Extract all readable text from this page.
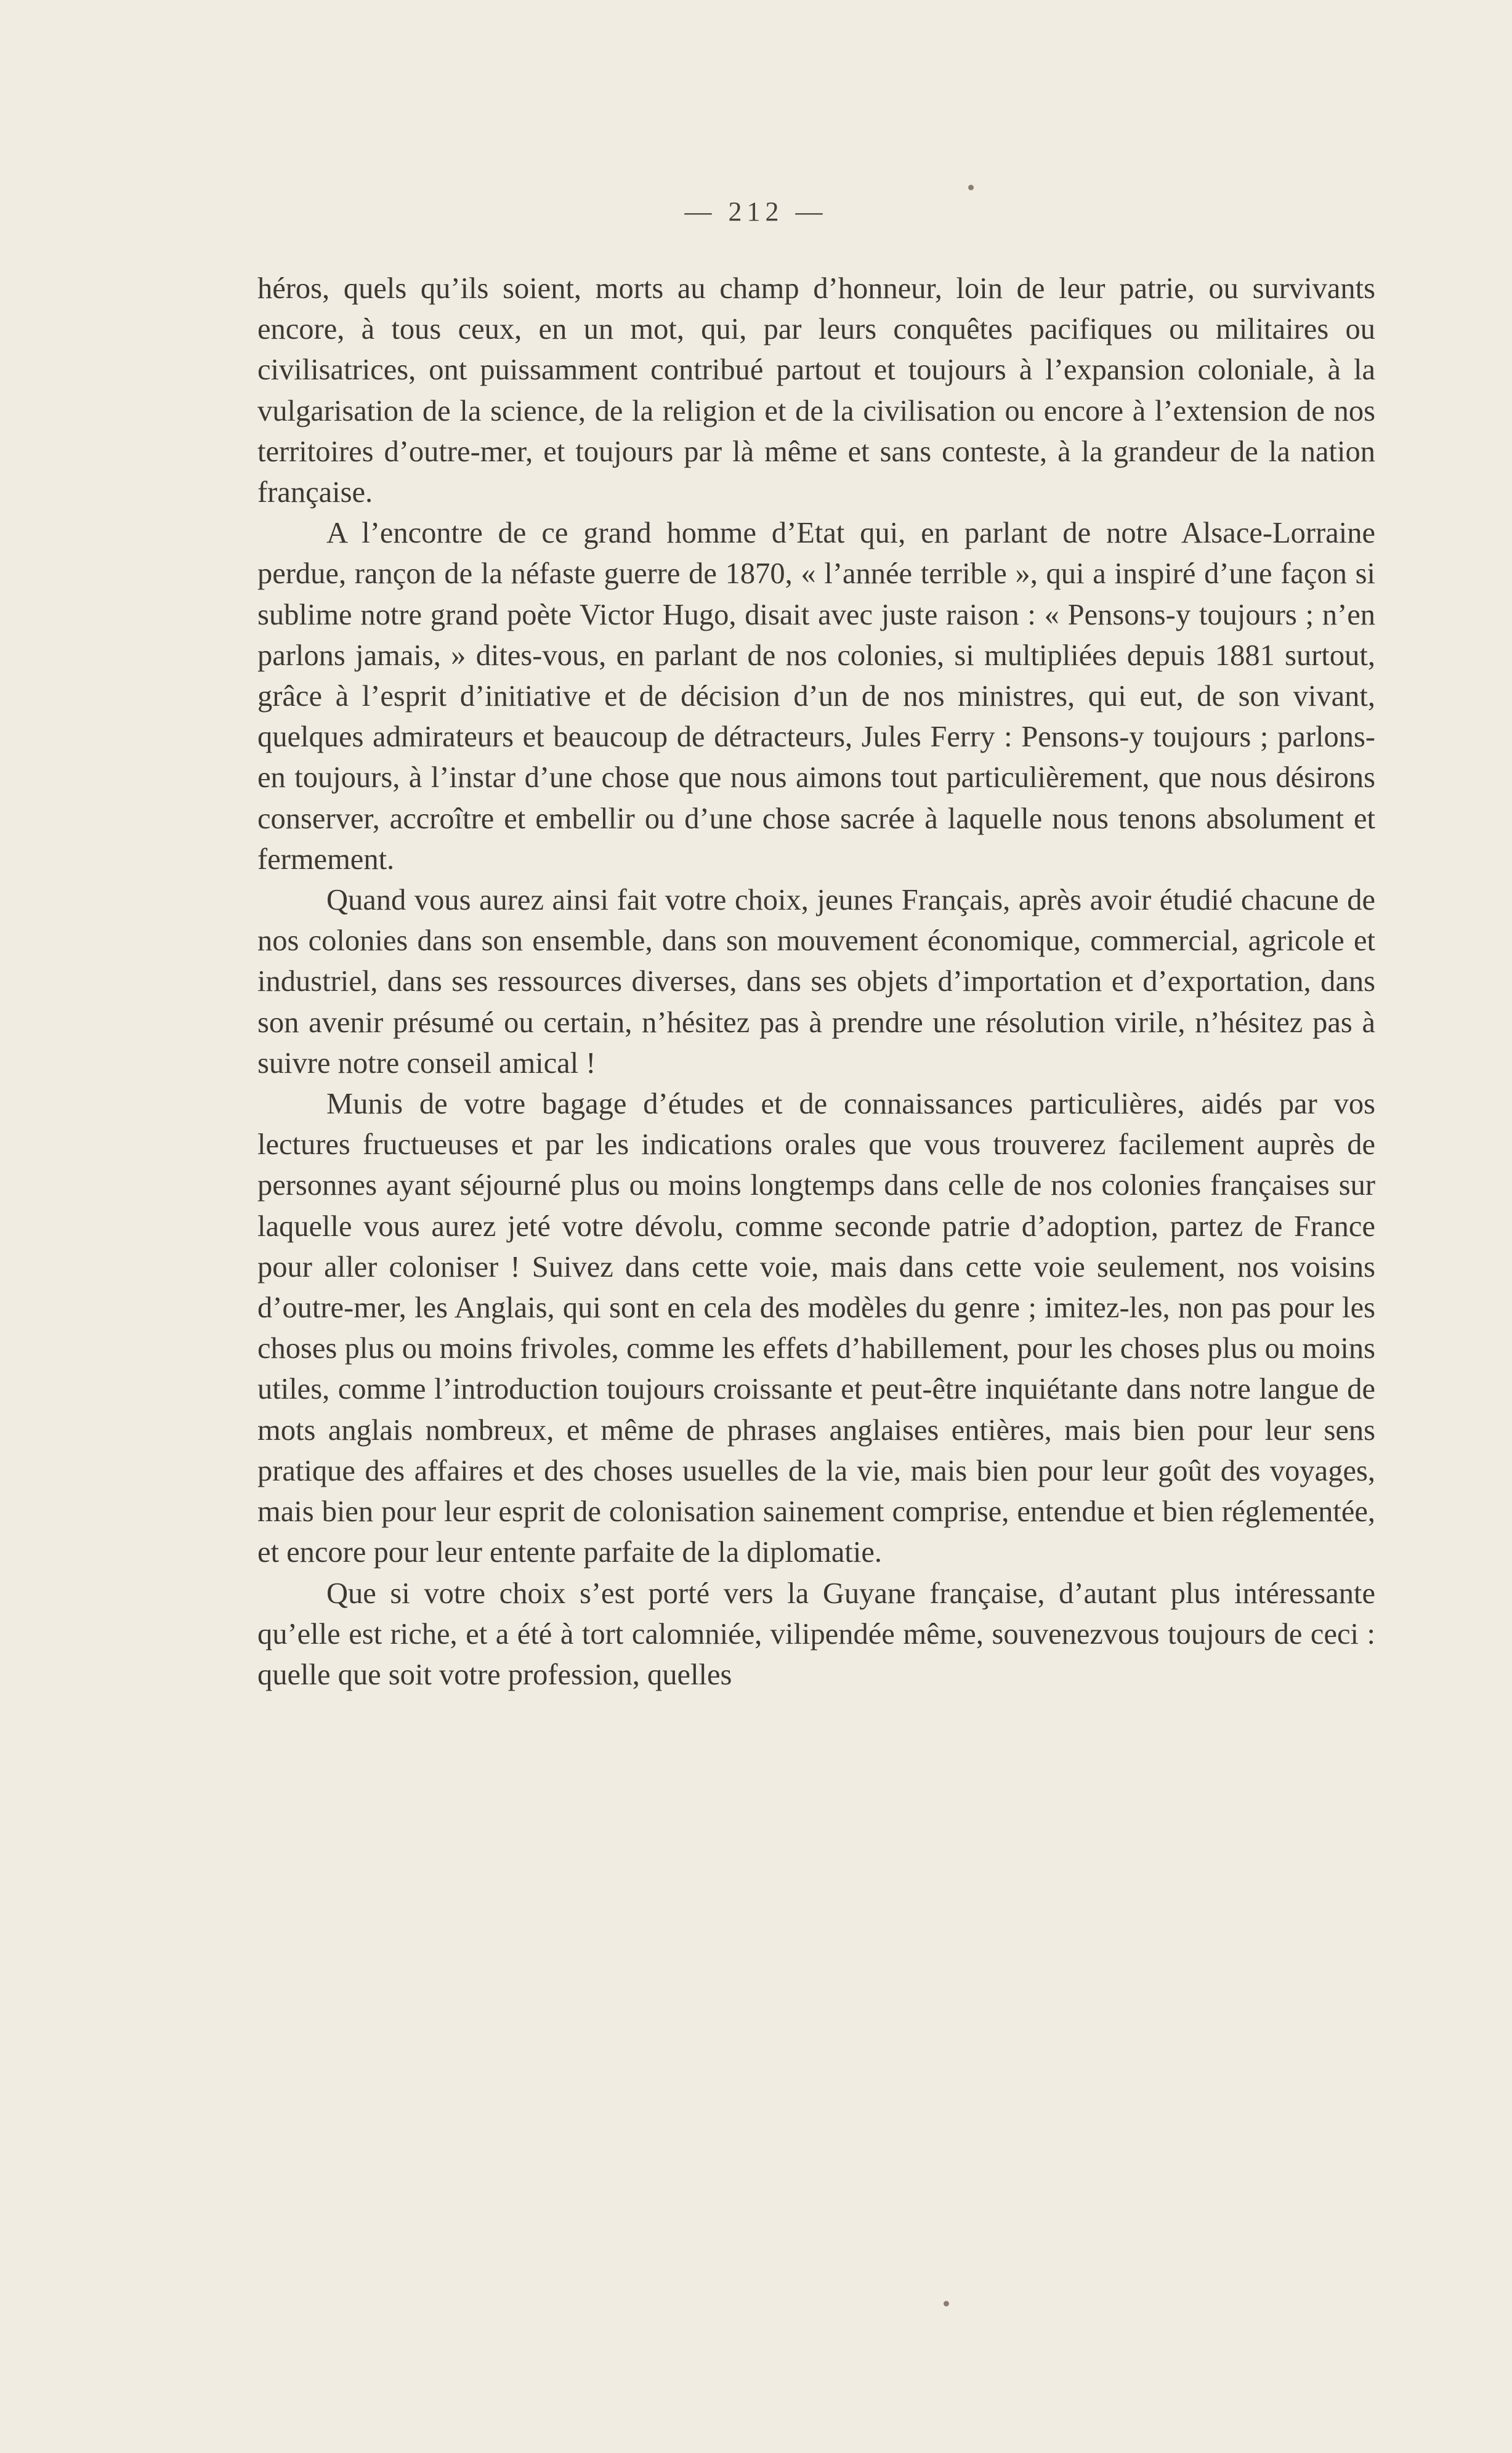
— 212 —

héros, quels qu’ils soient, morts au champ d’honneur, loin de leur patrie, ou survivants encore, à tous ceux, en un mot, qui, par leurs conquêtes pacifiques ou militaires ou civilisatrices, ont puissamment contribué partout et toujours à l’expansion coloniale, à la vulgarisation de la science, de la religion et de la civilisation ou encore à l’extension de nos territoires d’outre-mer, et toujours par là même et sans conteste, à la grandeur de la nation française.

A l’encontre de ce grand homme d’Etat qui, en parlant de notre Alsace-Lorraine perdue, rançon de la néfaste guerre de 1870, « l’année terrible », qui a inspiré d’une façon si sublime notre grand poète Victor Hugo, disait avec juste raison : « Pensons-y toujours ; n’en parlons jamais, » dites-vous, en parlant de nos colonies, si multipliées depuis 1881 surtout, grâce à l’esprit d’initiative et de décision d’un de nos ministres, qui eut, de son vivant, quelques admirateurs et beaucoup de détracteurs, Jules Ferry : Pensons-y toujours ; parlons-en toujours, à l’instar d’une chose que nous aimons tout particulièrement, que nous désirons conserver, accroître et embellir ou d’une chose sacrée à laquelle nous tenons absolument et fermement.

Quand vous aurez ainsi fait votre choix, jeunes Français, après avoir étudié chacune de nos colonies dans son ensemble, dans son mouvement économique, commercial, agricole et industriel, dans ses ressources diverses, dans ses objets d’importation et d’exportation, dans son avenir présumé ou certain, n’hésitez pas à prendre une résolution virile, n’hésitez pas à suivre notre conseil amical !

Munis de votre bagage d’études et de connaissances particulières, aidés par vos lectures fructueuses et par les indications orales que vous trouverez facilement auprès de personnes ayant séjourné plus ou moins longtemps dans celle de nos colonies françaises sur laquelle vous aurez jeté votre dévolu, comme seconde patrie d’adoption, partez de France pour aller coloniser ! Suivez dans cette voie, mais dans cette voie seulement, nos voisins d’outre-mer, les Anglais, qui sont en cela des modèles du genre ; imitez-les, non pas pour les choses plus ou moins frivoles, comme les effets d’habillement, pour les choses plus ou moins utiles, comme l’introduction toujours croissante et peut-être inquiétante dans notre langue de mots anglais nombreux, et même de phrases anglaises entières, mais bien pour leur sens pratique des affaires et des choses usuelles de la vie, mais bien pour leur goût des voyages, mais bien pour leur esprit de colonisation sainement comprise, entendue et bien réglementée, et encore pour leur entente parfaite de la diplomatie.

Que si votre choix s’est porté vers la Guyane française, d’autant plus intéressante qu’elle est riche, et a été à tort calomniée, vilipendée même, souvenezvous toujours de ceci : quelle que soit votre profession, quelles
